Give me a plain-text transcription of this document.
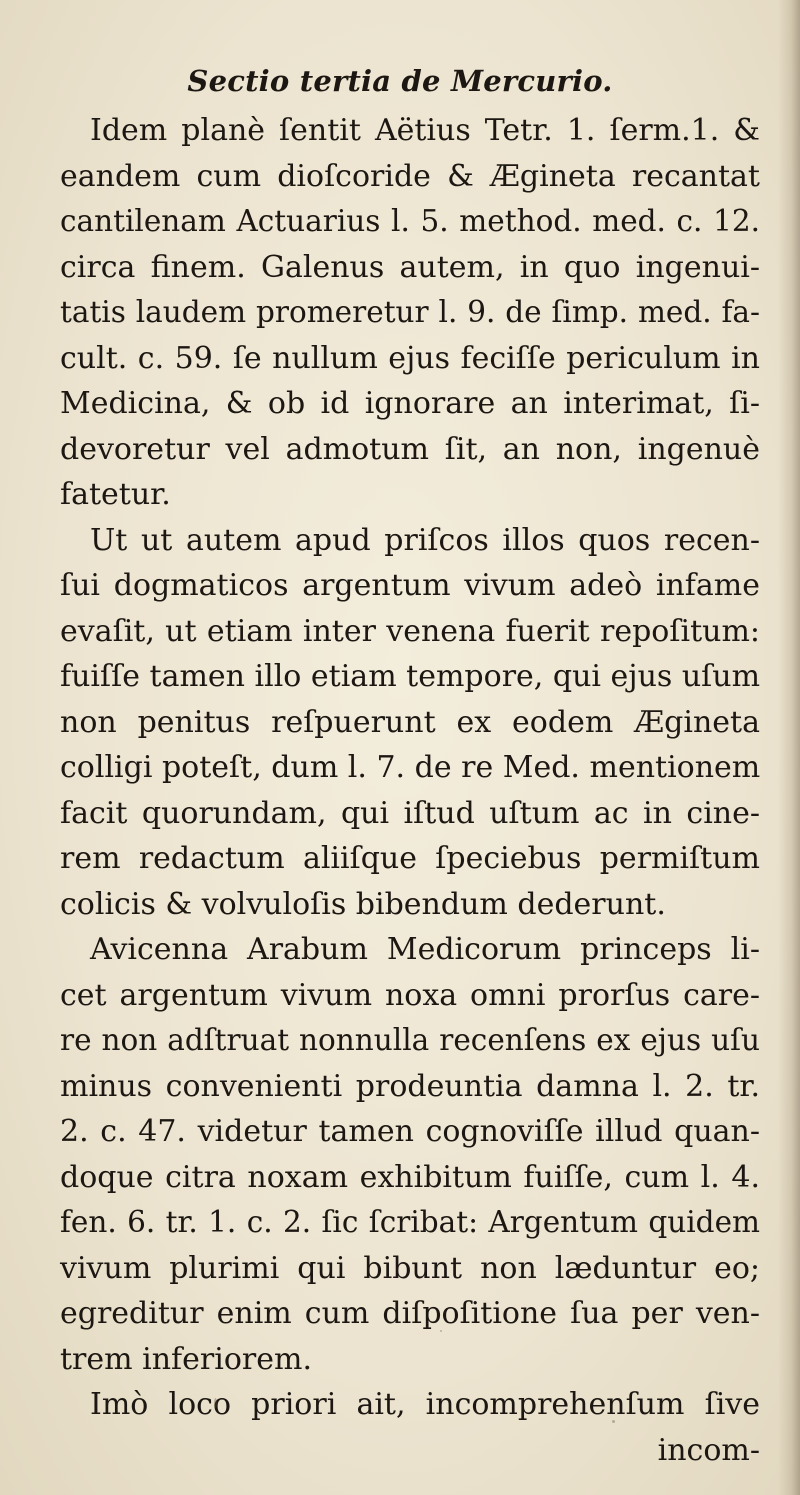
Sectio tertia de Mercurio.
Idem planè ſentit Aëtius Tetr. 1. ſerm.1. &
eandem cum dioſcoride & Ægineta recantat
cantilenam Actuarius l. 5. method. med. c. 12.
circa finem. Galenus autem, in quo ingenui-
tatis laudem promeretur l. 9. de ſimp. med. fa-
cult. c. 59. ſe nullum ejus feciſſe periculum in
Medicina, & ob id ignorare an interimat, ſi-
devoretur vel admotum ſit, an non, ingenuè
fatetur.
Ut ut autem apud priſcos illos quos recen-
ſui dogmaticos argentum vivum adeò infame
evaſit, ut etiam inter venena fuerit repoſitum:
fuiſſe tamen illo etiam tempore, qui ejus uſum
non penitus reſpuerunt ex eodem Ægineta
colligi poteſt, dum l. 7. de re Med. mentionem
facit quorundam, qui iſtud uſtum ac in cine-
rem redactum aliiſque ſpeciebus permiſtum
colicis & volvuloſis bibendum dederunt.
Avicenna Arabum Medicorum princeps li-
cet argentum vivum noxa omni prorſus care-
re non adſtruat nonnulla recenſens ex ejus uſu
minus convenienti prodeuntia damna l. 2. tr.
2. c. 47. videtur tamen cognoviſſe illud quan-
doque citra noxam exhibitum fuiſſe, cum l. 4.
fen. 6. tr. 1. c. 2. ſic ſcribat: Argentum quidem
vivum plurimi qui bibunt non læduntur eo;
egreditur enim cum diſpoſitione ſua per ven-
trem inferiorem.
Imò loco priori ait, incomprehenſum ſive
incom-
